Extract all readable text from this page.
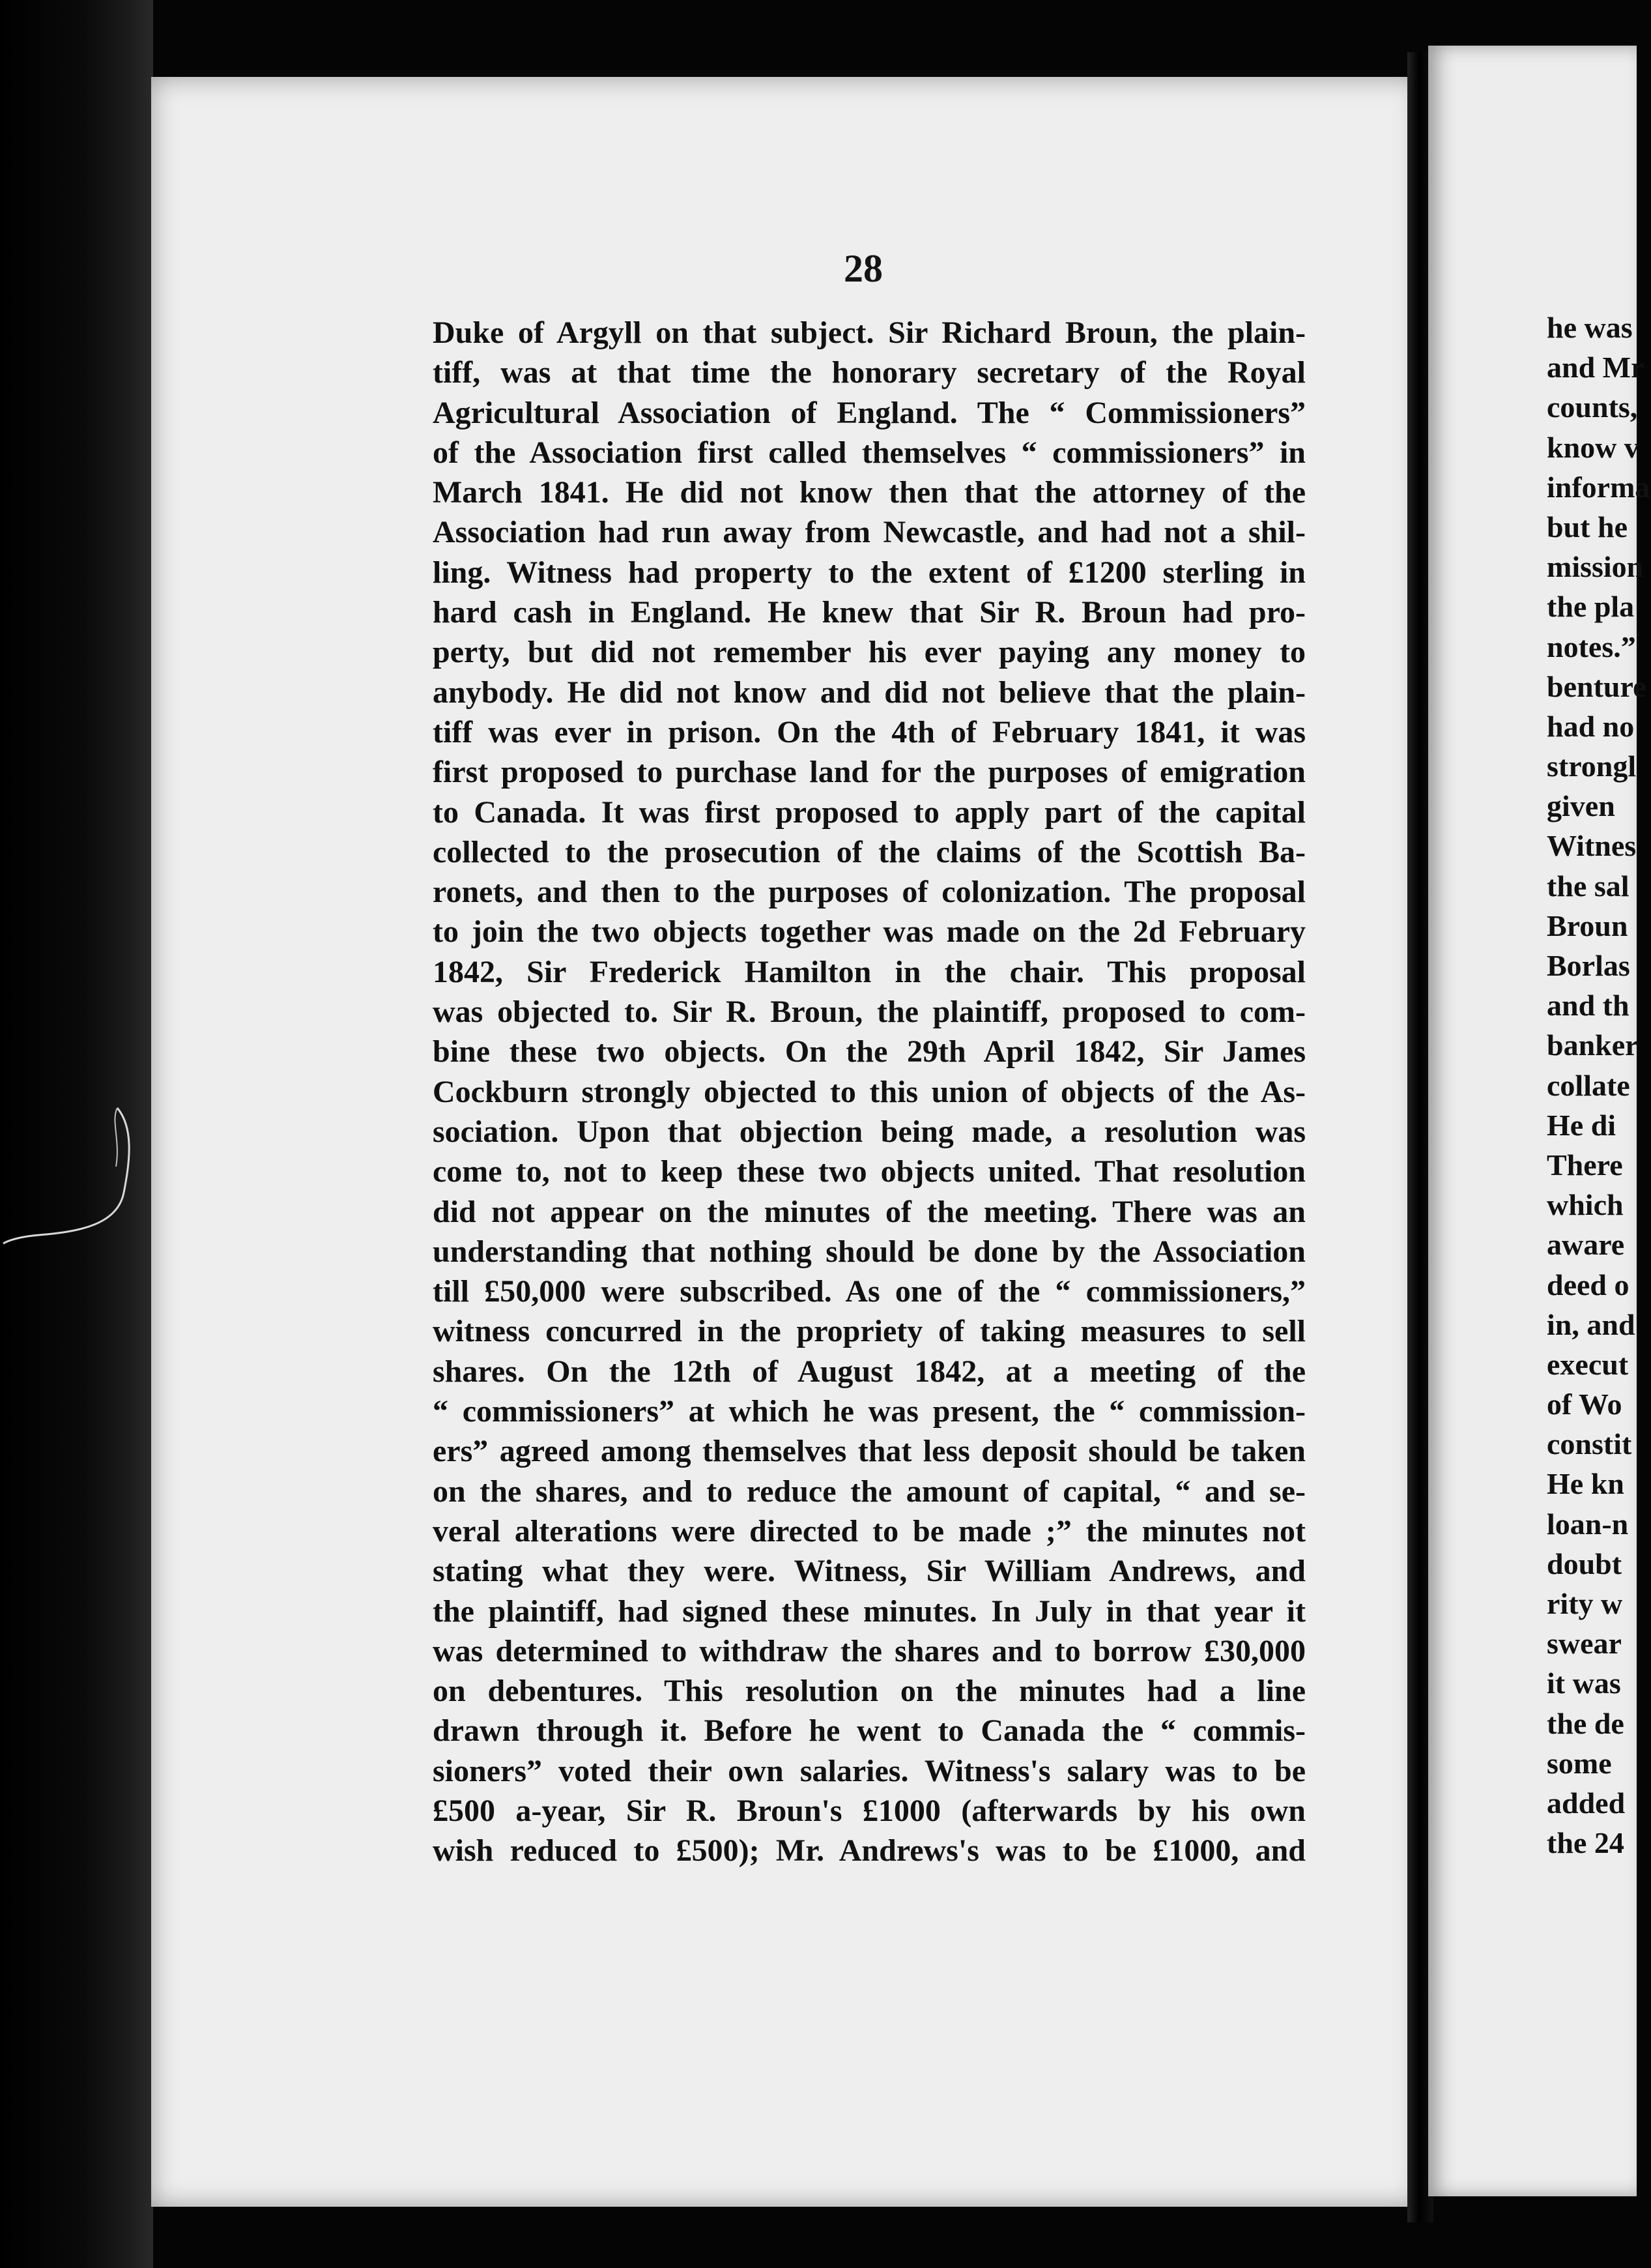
28
Duke of Argyll on that subject. Sir Richard Broun, the plain-
tiff, was at that time the honorary secretary of the Royal
Agricultural Association of England. The “ Commissioners”
of the Association first called themselves “ commissioners” in
March 1841. He did not know then that the attorney of the
Association had run away from Newcastle, and had not a shil-
ling. Witness had property to the extent of £1200 sterling in
hard cash in England. He knew that Sir R. Broun had pro-
perty, but did not remember his ever paying any money to
anybody. He did not know and did not believe that the plain-
tiff was ever in prison. On the 4th of February 1841, it was
first proposed to purchase land for the purposes of emigration
to Canada. It was first proposed to apply part of the capital
collected to the prosecution of the claims of the Scottish Ba-
ronets, and then to the purposes of colonization. The proposal
to join the two objects together was made on the 2d February
1842, Sir Frederick Hamilton in the chair. This proposal
was objected to. Sir R. Broun, the plaintiff, proposed to com-
bine these two objects. On the 29th April 1842, Sir James
Cockburn strongly objected to this union of objects of the As-
sociation. Upon that objection being made, a resolution was
come to, not to keep these two objects united. That resolution
did not appear on the minutes of the meeting. There was an
understanding that nothing should be done by the Association
till £50,000 were subscribed. As one of the “ commissioners,”
witness concurred in the propriety of taking measures to sell
shares. On the 12th of August 1842, at a meeting of the
“ commissioners” at which he was present, the “ commission-
ers” agreed among themselves that less deposit should be taken
on the shares, and to reduce the amount of capital, “ and se-
veral alterations were directed to be made ;” the minutes not
stating what they were. Witness, Sir William Andrews, and
the plaintiff, had signed these minutes. In July in that year it
was determined to withdraw the shares and to borrow £30,000
on debentures. This resolution on the minutes had a line
drawn through it. Before he went to Canada the “ commis-
sioners” voted their own salaries. Witness's salary was to be
£500 a-year, Sir R. Broun's £1000 (afterwards by his own
wish reduced to £500); Mr. Andrews's was to be £1000, and
he was
and Mr
counts,
know v
informa
but he
mission
the pla
notes.”
benture
had no
strongl
given
Witnes
the sal
Broun
Borlas
and th
banker
collate
He di
There
which
aware
deed o
in, and
execut
of Wo
constit
He kn
loan-n
doubt
rity w
swear
it was
the de
some
added
the 24
